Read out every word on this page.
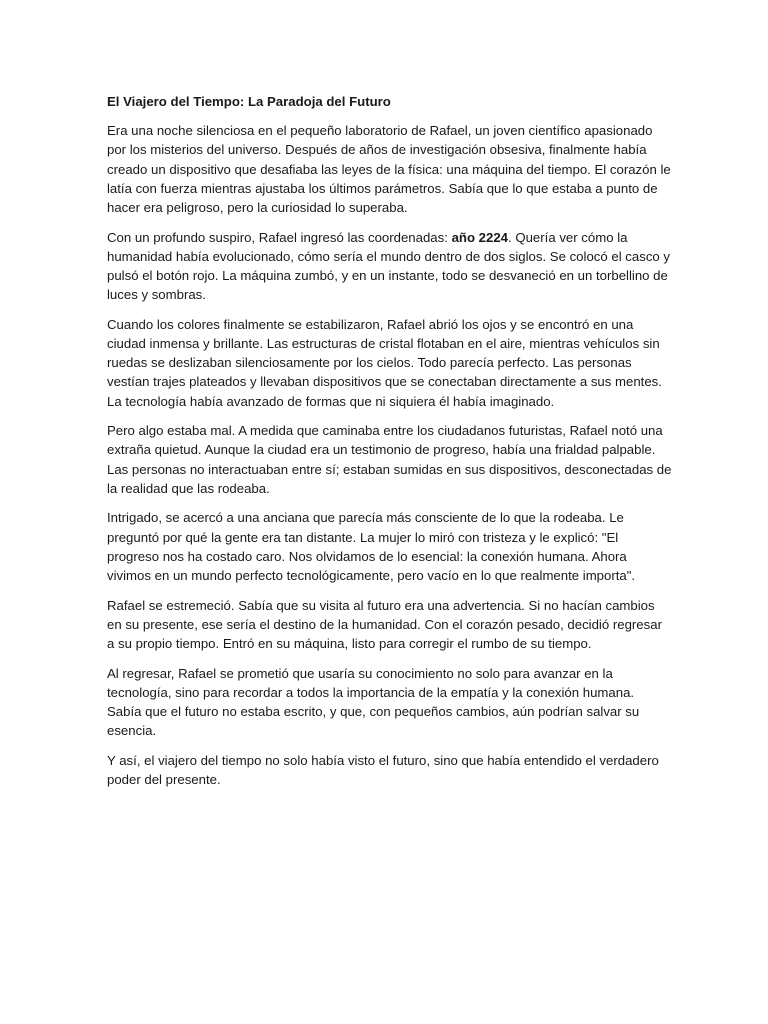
El Viajero del Tiempo: La Paradoja del Futuro

Era una noche silenciosa en el pequeño laboratorio de Rafael, un joven científico apasionado por los misterios del universo. Después de años de investigación obsesiva, finalmente había creado un dispositivo que desafiaba las leyes de la física: una máquina del tiempo. El corazón le latía con fuerza mientras ajustaba los últimos parámetros. Sabía que lo que estaba a punto de hacer era peligroso, pero la curiosidad lo superaba.

Con un profundo suspiro, Rafael ingresó las coordenadas: año 2224. Quería ver cómo la humanidad había evolucionado, cómo sería el mundo dentro de dos siglos. Se colocó el casco y pulsó el botón rojo. La máquina zumbó, y en un instante, todo se desvaneció en un torbellino de luces y sombras.

Cuando los colores finalmente se estabilizaron, Rafael abrió los ojos y se encontró en una ciudad inmensa y brillante. Las estructuras de cristal flotaban en el aire, mientras vehículos sin ruedas se deslizaban silenciosamente por los cielos. Todo parecía perfecto. Las personas vestían trajes plateados y llevaban dispositivos que se conectaban directamente a sus mentes. La tecnología había avanzado de formas que ni siquiera él había imaginado.

Pero algo estaba mal. A medida que caminaba entre los ciudadanos futuristas, Rafael notó una extraña quietud. Aunque la ciudad era un testimonio de progreso, había una frialdad palpable. Las personas no interactuaban entre sí; estaban sumidas en sus dispositivos, desconectadas de la realidad que las rodeaba.

Intrigado, se acercó a una anciana que parecía más consciente de lo que la rodeaba. Le preguntó por qué la gente era tan distante. La mujer lo miró con tristeza y le explicó: "El progreso nos ha costado caro. Nos olvidamos de lo esencial: la conexión humana. Ahora vivimos en un mundo perfecto tecnológicamente, pero vacío en lo que realmente importa".

Rafael se estremeció. Sabía que su visita al futuro era una advertencia. Si no hacían cambios en su presente, ese sería el destino de la humanidad. Con el corazón pesado, decidió regresar a su propio tiempo. Entró en su máquina, listo para corregir el rumbo de su tiempo.

Al regresar, Rafael se prometió que usaría su conocimiento no solo para avanzar en la tecnología, sino para recordar a todos la importancia de la empatía y la conexión humana. Sabía que el futuro no estaba escrito, y que, con pequeños cambios, aún podrían salvar su esencia.

Y así, el viajero del tiempo no solo había visto el futuro, sino que había entendido el verdadero poder del presente.
